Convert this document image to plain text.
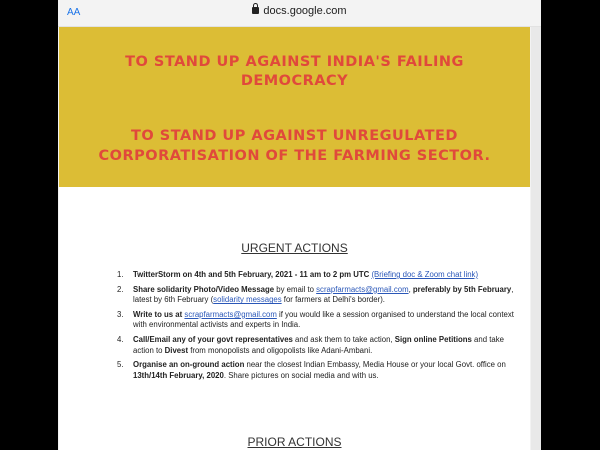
AA	docs.google.com
TO STAND UP AGAINST INDIA'S FAILING
DEMOCRACY
TO STAND UP AGAINST UNREGULATED
CORPORATISATION OF THE FARMING SECTOR.
URGENT ACTIONS
1. TwitterStorm on 4th and 5th February, 2021 - 11 am to 2 pm UTC (Briefing doc & Zoom chat link)
2. Share solidarity Photo/Video Message by email to scrapfarmacts@gmail.com, preferably by 5th February, latest by 6th February (solidarity messages for farmers at Delhi's border).
3. Write to us at scrapfarmacts@gmail.com if you would like a session organised to understand the local context with environmental activists and experts in India.
4. Call/Email any of your govt representatives and ask them to take action, Sign online Petitions and take action to Divest from monopolists and oligopolists like Adani-Ambani.
5. Organise an on-ground action near the closest Indian Embassy, Media House or your local Govt. office on 13th/14th February, 2020. Share pictures on social media and with us.
PRIOR ACTIONS
